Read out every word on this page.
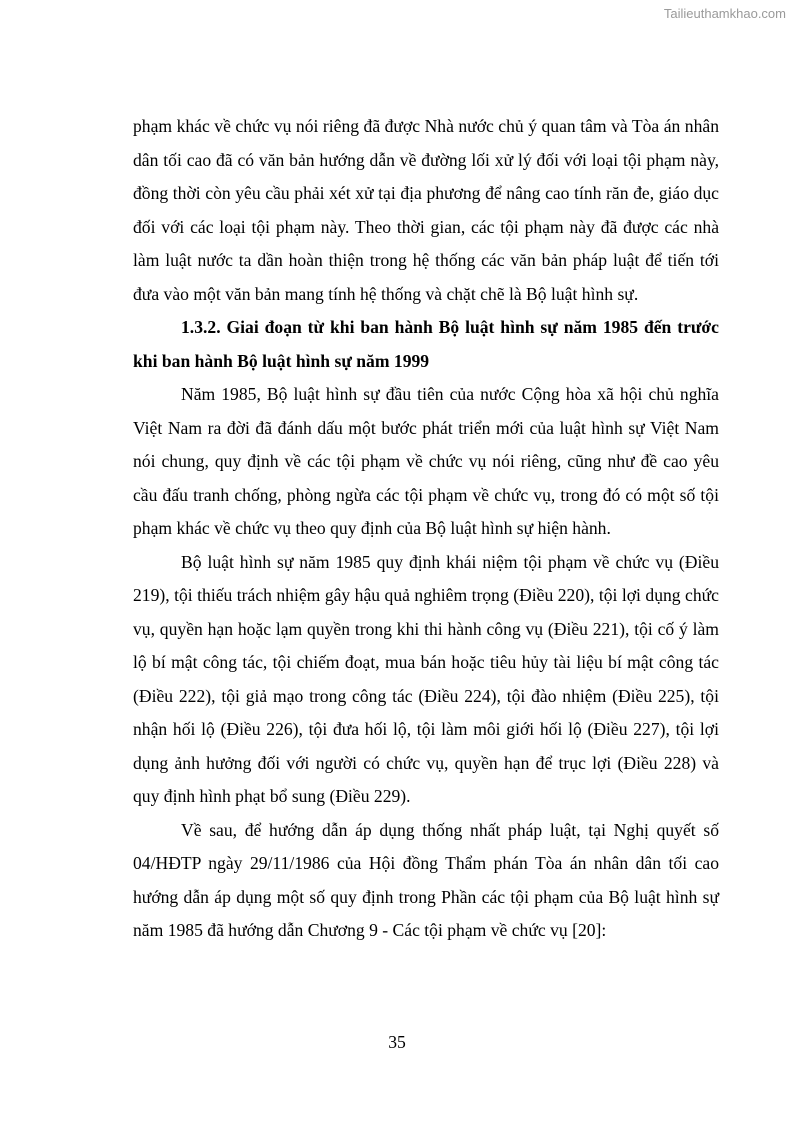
Tailieuthamkhao.com

phạm khác về chức vụ nói riêng đã được Nhà nước chủ ý quan tâm và Tòa án nhân dân tối cao đã có văn bản hướng dẫn về đường lối xử lý đối với loại tội phạm này, đồng thời còn yêu cầu phải xét xử tại địa phương để nâng cao tính răn đe, giáo dục đối với các loại tội phạm này. Theo thời gian, các tội phạm này đã được các nhà làm luật nước ta dần hoàn thiện trong hệ thống các văn bản pháp luật để tiến tới đưa vào một văn bản mang tính hệ thống và chặt chẽ là Bộ luật hình sự.

1.3.2. Giai đoạn từ khi ban hành Bộ luật hình sự năm 1985 đến trước khi ban hành Bộ luật hình sự năm 1999

Năm 1985, Bộ luật hình sự đầu tiên của nước Cộng hòa xã hội chủ nghĩa Việt Nam ra đời đã đánh dấu một bước phát triển mới của luật hình sự Việt Nam nói chung, quy định về các tội phạm về chức vụ nói riêng, cũng như đề cao yêu cầu đấu tranh chống, phòng ngừa các tội phạm về chức vụ, trong đó có một số tội phạm khác về chức vụ theo quy định của Bộ luật hình sự hiện hành.

Bộ luật hình sự năm 1985 quy định khái niệm tội phạm về chức vụ (Điều 219), tội thiếu trách nhiệm gây hậu quả nghiêm trọng (Điều 220), tội lợi dụng chức vụ, quyền hạn hoặc lạm quyền trong khi thi hành công vụ (Điều 221), tội cố ý làm lộ bí mật công tác, tội chiếm đoạt, mua bán hoặc tiêu hủy tài liệu bí mật công tác (Điều 222), tội giả mạo trong công tác (Điều 224), tội đào nhiệm (Điều 225), tội nhận hối lộ (Điều 226), tội đưa hối lộ, tội làm môi giới hối lộ (Điều 227), tội lợi dụng ảnh hưởng đối với người có chức vụ, quyền hạn để trục lợi (Điều 228) và quy định hình phạt bổ sung (Điều 229).

Về sau, để hướng dẫn áp dụng thống nhất pháp luật, tại Nghị quyết số 04/HĐTP ngày 29/11/1986 của Hội đồng Thẩm phán Tòa án nhân dân tối cao hướng dẫn áp dụng một số quy định trong Phần các tội phạm của Bộ luật hình sự năm 1985 đã hướng dẫn Chương 9 - Các tội phạm về chức vụ [20]:

35
